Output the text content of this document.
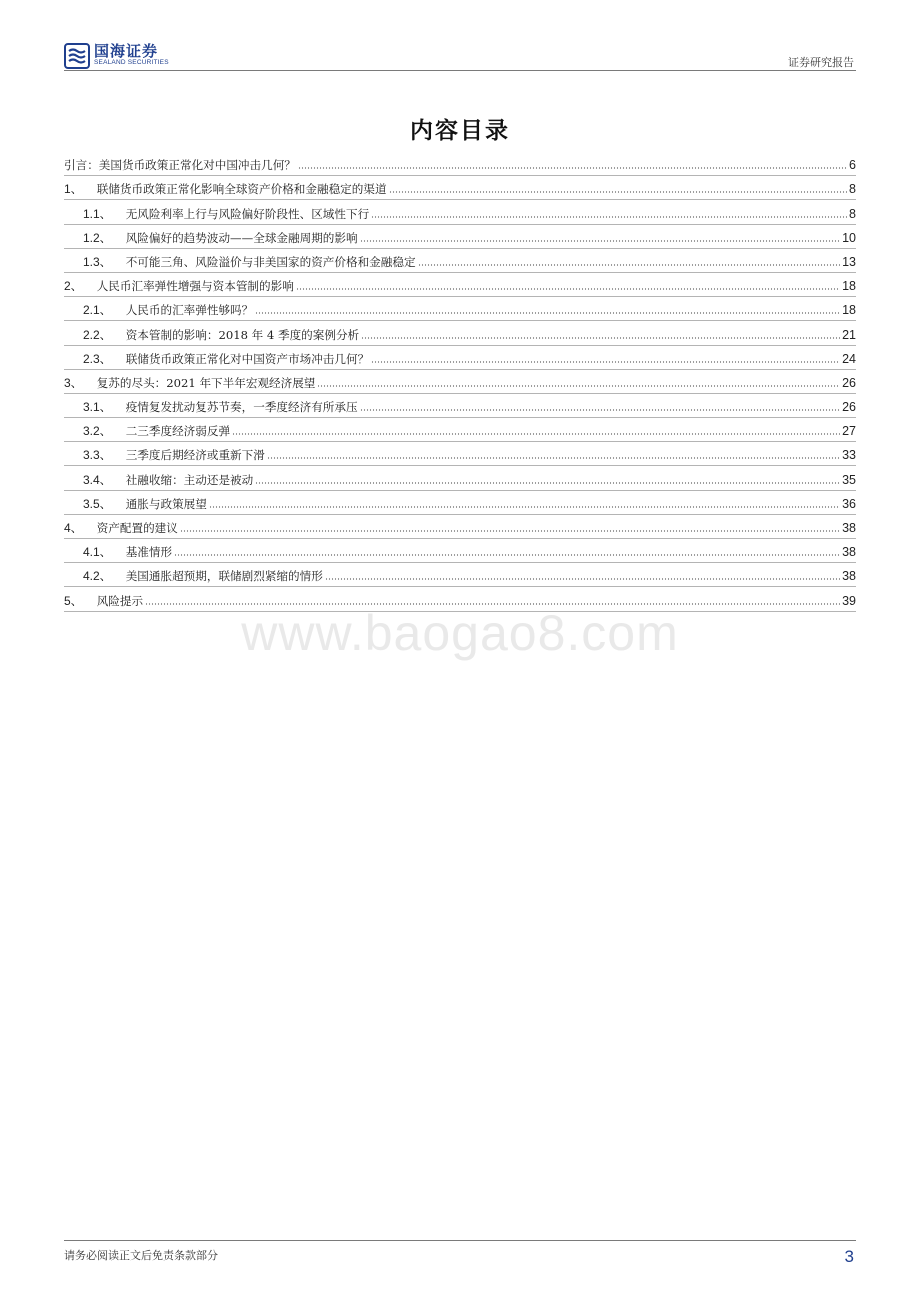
国海证券
SEALAND SECURITIES	证券研究报告
内容目录
引言：美国货币政策正常化对中国冲击几何？	6
1、 联储货币政策正常化影响全球资产价格和金融稳定的渠道	8
1.1、 无风险利率上行与风险偏好阶段性、区域性下行	8
1.2、 风险偏好的趋势波动——全球金融周期的影响	10
1.3、 不可能三角、风险溢价与非美国家的资产价格和金融稳定	13
2、 人民币汇率弹性增强与资本管制的影响	18
2.1、 人民币的汇率弹性够吗？	18
2.2、 资本管制的影响：2018 年 4 季度的案例分析	21
2.3、 联储货币政策正常化对中国资产市场冲击几何？	24
3、 复苏的尽头：2021 年下半年宏观经济展望	26
3.1、 疫情复发扰动复苏节奏，一季度经济有所承压	26
3.2、 二三季度经济弱反弹	27
3.3、 三季度后期经济或重新下滑	33
3.4、 社融收缩：主动还是被动	35
3.5、 通胀与政策展望	36
4、 资产配置的建议	38
4.1、 基准情形	38
4.2、 美国通胀超预期，联储剧烈紧缩的情形	38
5、 风险提示	39
www.baogao8.com
请务必阅读正文后免责条款部分	3
